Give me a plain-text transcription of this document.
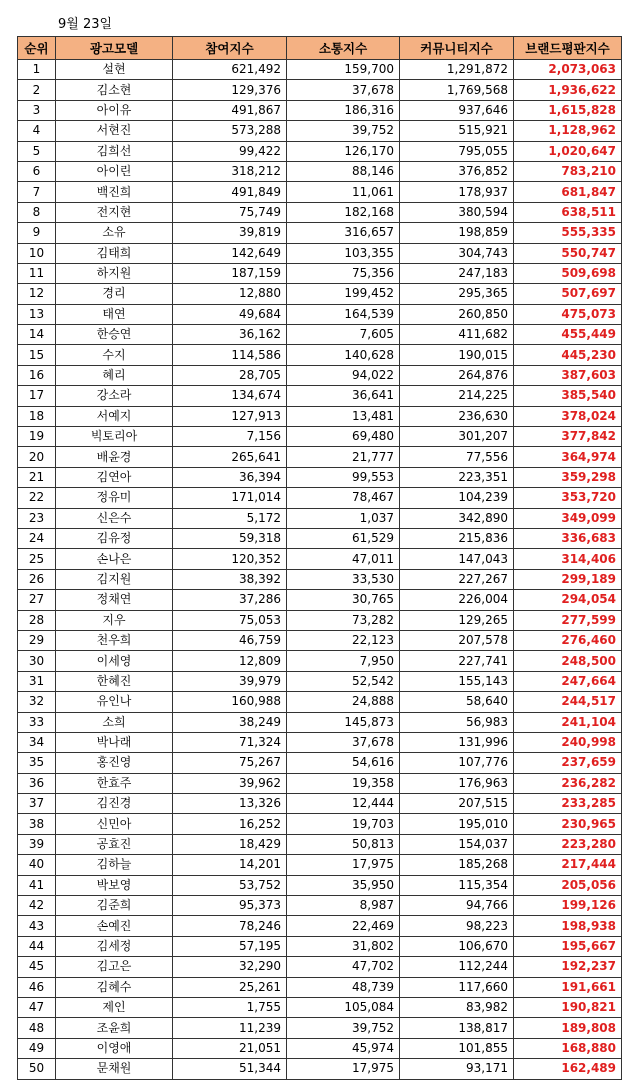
9월 23일
순위	광고모델	참여지수	소통지수	커뮤니티지수	브랜드평판지수
1	설현	621,492	159,700	1,291,872	2,073,063
2	김소현	129,376	37,678	1,769,568	1,936,622
3	아이유	491,867	186,316	937,646	1,615,828
4	서현진	573,288	39,752	515,921	1,128,962
5	김희선	99,422	126,170	795,055	1,020,647
6	아이린	318,212	88,146	376,852	783,210
7	백진희	491,849	11,061	178,937	681,847
8	전지현	75,749	182,168	380,594	638,511
9	소유	39,819	316,657	198,859	555,335
10	김태희	142,649	103,355	304,743	550,747
11	하지원	187,159	75,356	247,183	509,698
12	경리	12,880	199,452	295,365	507,697
13	태연	49,684	164,539	260,850	475,073
14	한승연	36,162	7,605	411,682	455,449
15	수지	114,586	140,628	190,015	445,230
16	혜리	28,705	94,022	264,876	387,603
17	강소라	134,674	36,641	214,225	385,540
18	서예지	127,913	13,481	236,630	378,024
19	빅토리아	7,156	69,480	301,207	377,842
20	배윤경	265,641	21,777	77,556	364,974
21	김연아	36,394	99,553	223,351	359,298
22	정유미	171,014	78,467	104,239	353,720
23	신은수	5,172	1,037	342,890	349,099
24	김유정	59,318	61,529	215,836	336,683
25	손나은	120,352	47,011	147,043	314,406
26	김지원	38,392	33,530	227,267	299,189
27	정채연	37,286	30,765	226,004	294,054
28	지우	75,053	73,282	129,265	277,599
29	천우희	46,759	22,123	207,578	276,460
30	이세영	12,809	7,950	227,741	248,500
31	한혜진	39,979	52,542	155,143	247,664
32	유인나	160,988	24,888	58,640	244,517
33	소희	38,249	145,873	56,983	241,104
34	박나래	71,324	37,678	131,996	240,998
35	홍진영	75,267	54,616	107,776	237,659
36	한효주	39,962	19,358	176,963	236,282
37	김진경	13,326	12,444	207,515	233,285
38	신민아	16,252	19,703	195,010	230,965
39	공효진	18,429	50,813	154,037	223,280
40	김하늘	14,201	17,975	185,268	217,444
41	박보영	53,752	35,950	115,354	205,056
42	김준희	95,373	8,987	94,766	199,126
43	손예진	78,246	22,469	98,223	198,938
44	김세정	57,195	31,802	106,670	195,667
45	김고은	32,290	47,702	112,244	192,237
46	김혜수	25,261	48,739	117,660	191,661
47	제인	1,755	105,084	83,982	190,821
48	조윤희	11,239	39,752	138,817	189,808
49	이영애	21,051	45,974	101,855	168,880
50	문채원	51,344	17,975	93,171	162,489
